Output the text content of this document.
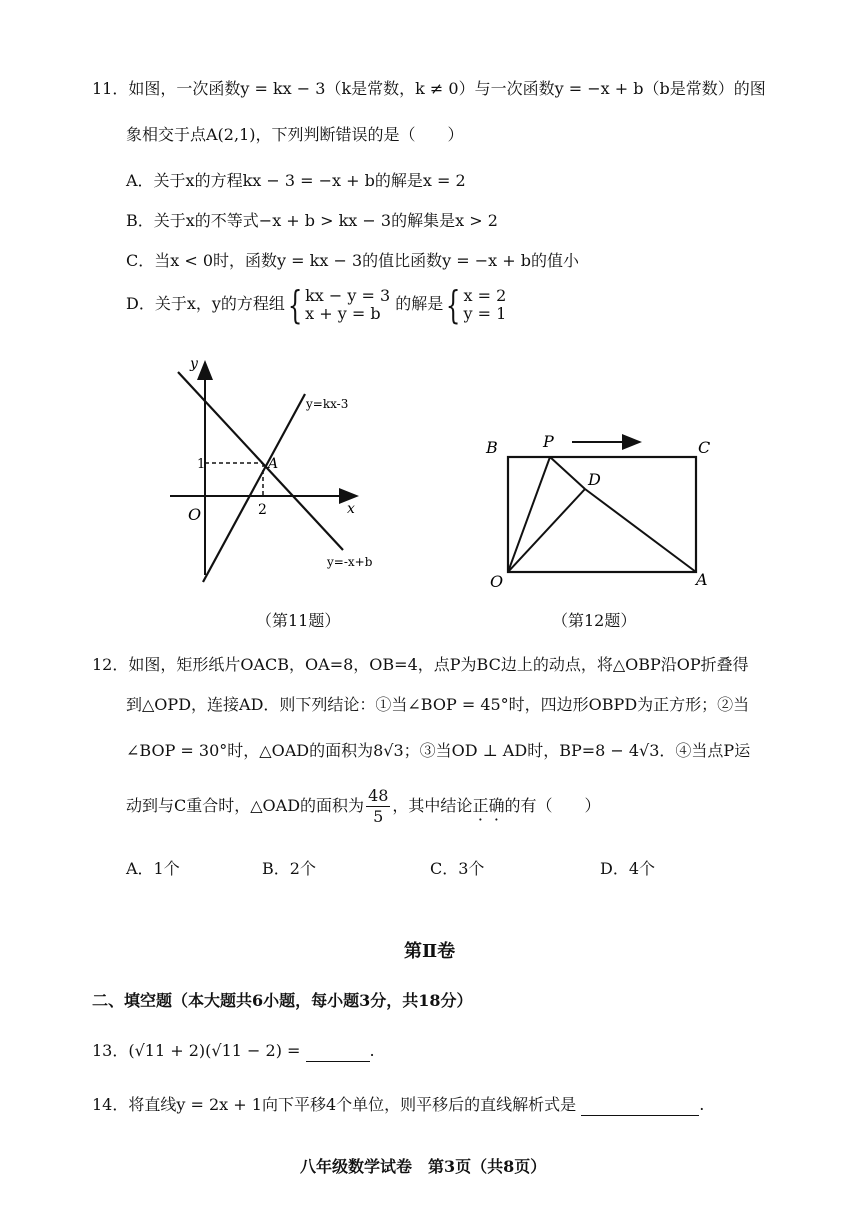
11．如图，一次函数y = kx − 3（k是常数，k ≠ 0）与一次函数y = −x + b（b是常数）的图
象相交于点A(2,1)，下列判断错误的是（　　）
A．关于x的方程kx − 3 = −x + b的解是x = 2
B．关于x的不等式−x + b > kx − 3的解集是x > 2
C．当x < 0时，函数y = kx − 3的值比函数y = −x + b的值小
D．关于x，y的方程组{ kx − y = 3
x + y = b 的解是{ x = 2
y = 1
y
x
O
1
2
A
y=kx-3
y=-x+b
B	P	C
D
O	A
（第11题）	（第12题）
12．如图，矩形纸片OACB，OA=8，OB=4，点P为BC边上的动点，将△OBP沿OP折叠得
到△OPD，连接AD．则下列结论：①当∠BOP = 45°时，四边形OBPD为正方形；②当
∠BOP = 30°时，△OAD的面积为8√3；③当OD ⊥ AD时，BP=8 − 4√3．④当点P运
动到与C重合时，△OAD的面积为 $\frac{48}{5}$ ，其中结论正确的有（　　）
A．1个	B．2个	C．3个	D．4个
第Ⅱ卷
二、填空题（本大题共6小题，每小题3分，共18分）
13．(√11 + 2)(√11 − 2) =	.
14．将直线y = 2x + 1向下平移4个单位，则平移后的直线解析式是	.
八年级数学试卷　第3页（共8页）
